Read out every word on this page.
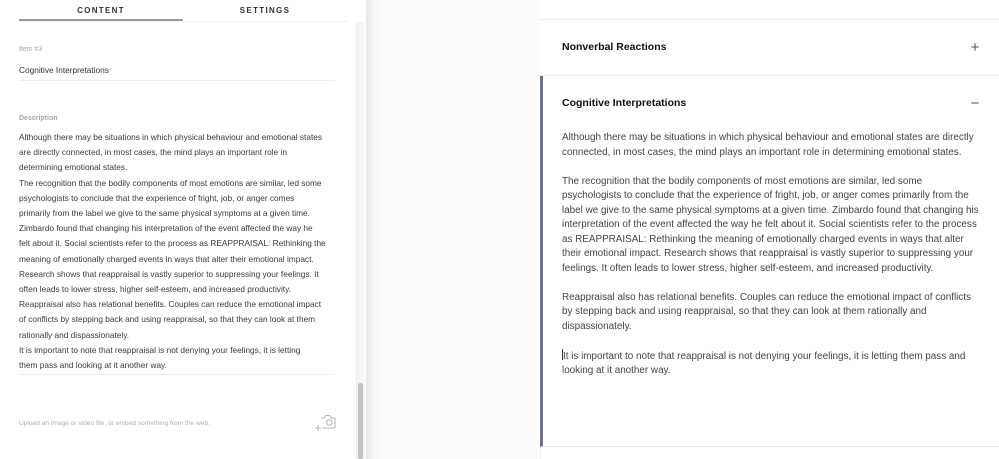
CONTENT	SETTINGS
Item #3
Cognitive Interpretations
Description
Although there may be situations in which physical behaviour and emotional states
are directly connected, in most cases, the mind plays an important role in
determining emotional states.
The recognition that the bodily components of most emotions are similar, led some
psychologists to conclude that the experience of fright, job, or anger comes
primarily from the label we give to the same physical symptoms at a given time.
Zimbardo found that changing his interpretation of the event affected the way he
felt about it. Social scientists refer to the process as REAPPRAISAL: Rethinking the
meaning of emotionally charged events in ways that alter their emotional impact.
Research shows that reappraisal is vastly superior to suppressing your feelings. It
often leads to lower stress, higher self-esteem, and increased productivity.
Reappraisal also has relational benefits. Couples can reduce the emotional impact
of conflicts by stepping back and using reappraisal, so that they can look at them
rationally and dispassionately.
It is important to note that reappraisal is not denying your feelings, it is letting
them pass and looking at it another way.
Upload an image or video file, or embed something from the web.
Nonverbal Reactions	+
Cognitive Interpretations	−

Although there may be situations in which physical behaviour and emotional states are directly connected, in most cases, the mind plays an important role in determining emotional states.

The recognition that the bodily components of most emotions are similar, led some psychologists to conclude that the experience of fright, job, or anger comes primarily from the label we give to the same physical symptoms at a given time. Zimbardo found that changing his interpretation of the event affected the way he felt about it. Social scientists refer to the process as REAPPRAISAL: Rethinking the meaning of emotionally charged events in ways that alter their emotional impact. Research shows that reappraisal is vastly superior to suppressing your feelings. It often leads to lower stress, higher self-esteem, and increased productivity.

Reappraisal also has relational benefits. Couples can reduce the emotional impact of conflicts by stepping back and using reappraisal, so that they can look at them rationally and dispassionately.

It is important to note that reappraisal is not denying your feelings, it is letting them pass and looking at it another way.
